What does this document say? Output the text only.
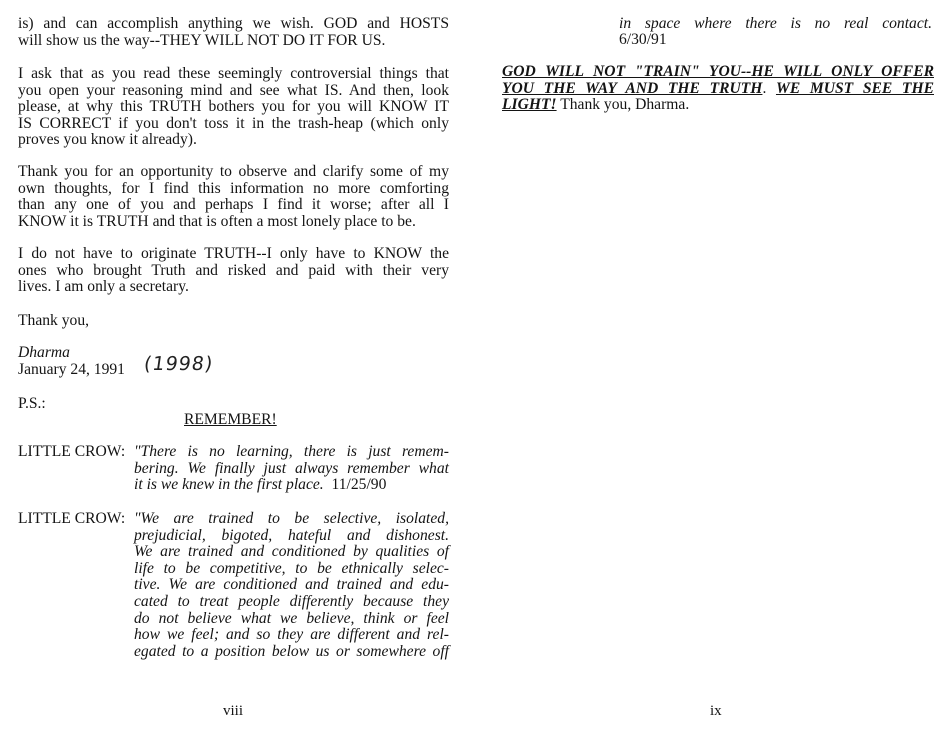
is) and can accomplish anything we wish. GOD and HOSTS
will show us the way--THEY WILL NOT DO IT FOR US.
I ask that as you read these seemingly controversial things that
you open your reasoning mind and see what IS. And then, look
please, at why this TRUTH bothers you for you will KNOW IT
IS CORRECT if you don't toss it in the trash-heap (which only
proves you know it already).
Thank you for an opportunity to observe and clarify some of my
own thoughts, for I find this information no more comforting
than any one of you and perhaps I find it worse; after all I
KNOW it is TRUTH and that is often a most lonely place to be.
I do not have to originate TRUTH--I only have to KNOW the
ones who brought Truth and risked and paid with their very
lives. I am only a secretary.
Thank you,
Dharma
January 24, 1991 (1998)
P.S.:
REMEMBER!
LITTLE CROW: "There is no learning, there is just remem-
bering. We finally just always remember what
it is we knew in the first place. 11/25/90
LITTLE CROW: "We are trained to be selective, isolated,
prejudicial, bigoted, hateful and dishonest.
We are trained and conditioned by qualities of
life to be competitive, to be ethnically selec-
tive. We are conditioned and trained and edu-
cated to treat people differently because they
do not believe what we believe, think or feel
how we feel; and so they are different and rel-
egated to a position below us or somewhere off
viii
in space where there is no real contact.
6/30/91
GOD WILL NOT "TRAIN" YOU--HE WILL ONLY OFFER
YOU THE WAY AND THE TRUTH. WE MUST SEE THE
LIGHT! Thank you, Dharma.
ix
